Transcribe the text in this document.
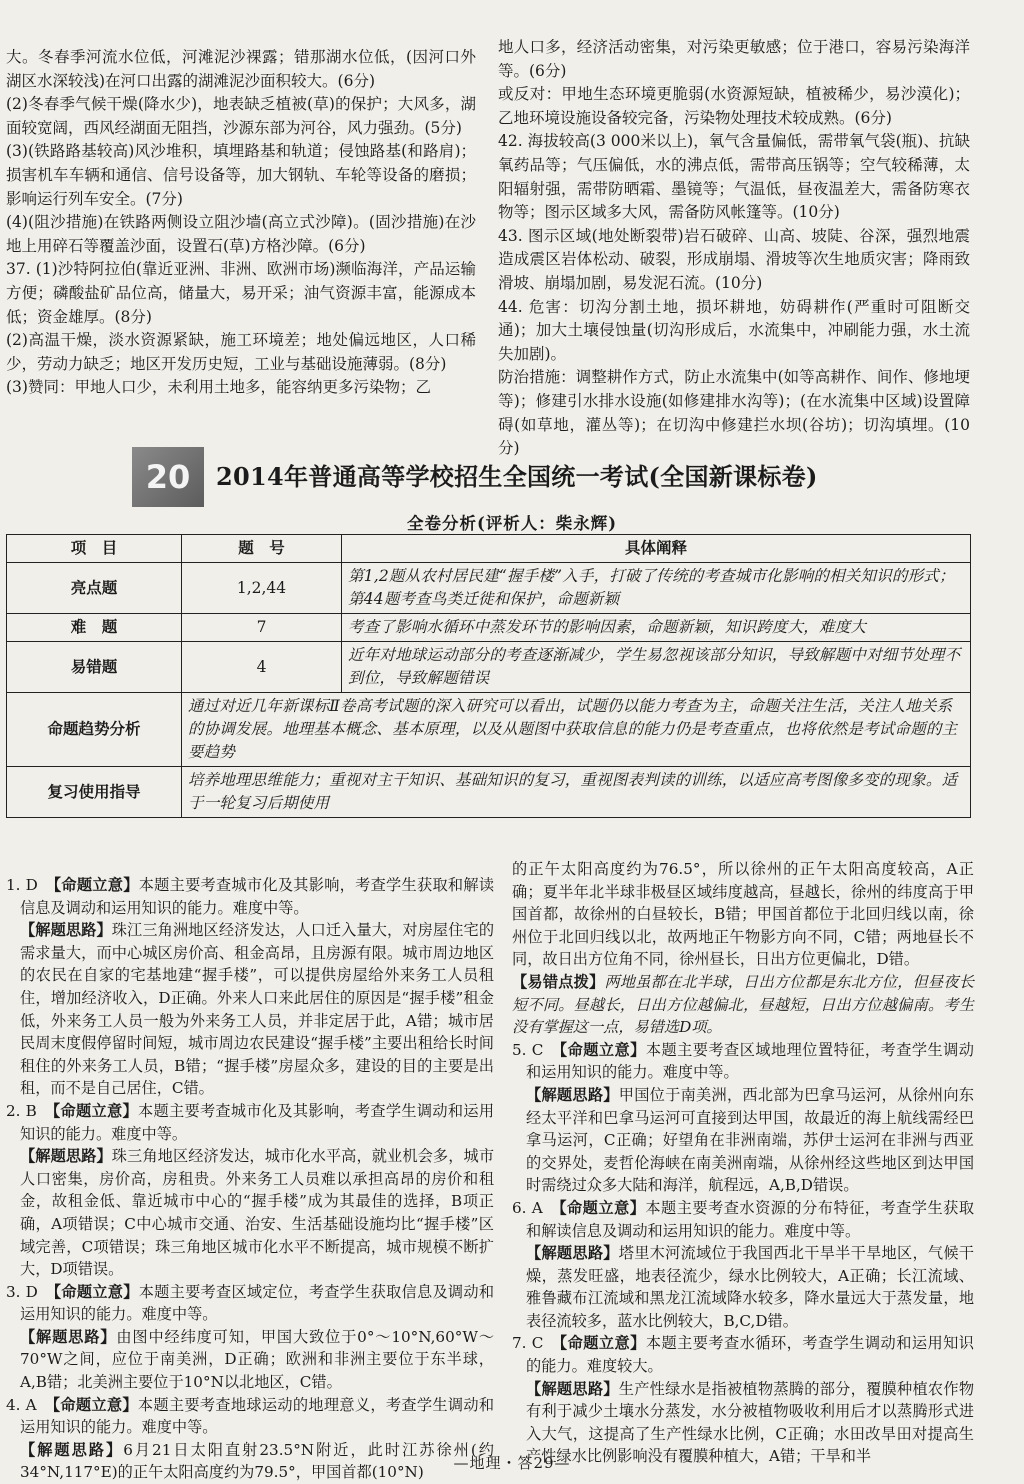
大。冬春季河流水位低，河滩泥沙裸露；错那湖水位低，(因河口外湖区水深较浅)在河口出露的湖滩泥沙面积较大。(6分)

(2)冬春季气候干燥(降水少)，地表缺乏植被(草)的保护；大风多，湖面较宽阔，西风经湖面无阻挡，沙源东部为河谷，风力强劲。(5分)

(3)(铁路路基较高)风沙堆积，填埋路基和轨道；侵蚀路基(和路肩)；损害机车车辆和通信、信号设备等，加大钢轨、车轮等设备的磨损；影响运行列车安全。(7分)

(4)(阻沙措施)在铁路两侧设立阻沙墙(高立式沙障)。(固沙措施)在沙地上用碎石等覆盖沙面，设置石(草)方格沙障。(6分)

37. (1)沙特阿拉伯(靠近亚洲、非洲、欧洲市场)濒临海洋，产品运输方便；磷酸盐矿品位高，储量大，易开采；油气资源丰富，能源成本低；资金雄厚。(8分)

(2)高温干燥，淡水资源紧缺，施工环境差；地处偏远地区，人口稀少，劳动力缺乏；地区开发历史短，工业与基础设施薄弱。(8分)

(3)赞同：甲地人口少，未利用土地多，能容纳更多污染物；乙

地人口多，经济活动密集，对污染更敏感；位于港口，容易污染海洋等。(6分)

或反对：甲地生态环境更脆弱(水资源短缺，植被稀少，易沙漠化)；乙地环境设施设备较完备，污染物处理技术较成熟。(6分)

42. 海拔较高(3 000米以上)，氧气含量偏低，需带氧气袋(瓶)、抗缺氧药品等；气压偏低，水的沸点低，需带高压锅等；空气较稀薄，太阳辐射强，需带防晒霜、墨镜等；气温低，昼夜温差大，需备防寒衣物等；图示区域多大风，需备防风帐篷等。(10分)

43. 图示区域(地处断裂带)岩石破碎、山高、坡陡、谷深，强烈地震造成震区岩体松动、破裂，形成崩塌、滑坡等次生地质灾害；降雨致滑坡、崩塌加剧，易发泥石流。(10分)

44. 危害：切沟分割土地，损坏耕地，妨碍耕作(严重时可阻断交通)；加大土壤侵蚀量(切沟形成后，水流集中，冲刷能力强，水土流失加剧)。

防治措施：调整耕作方式，防止水流集中(如等高耕作、间作、修地埂等)；修建引水排水设施(如修建排水沟等)；(在水流集中区域)设置障碍(如草地，灌丛等)；在切沟中修建拦水坝(谷坊)；切沟填埋。(10分)

20	2014年普通高等学校招生全国统一考试(全国新课标卷)
全卷分析(评析人：柴永辉)
项　目	题　号	具体阐释
亮点题	1,2,44	第1,2题从农村居民建“握手楼”入手，打破了传统的考查城市化影响的相关知识的形式；第44题考查鸟类迁徙和保护，命题新颖
难　题	7	考查了影响水循环中蒸发环节的影响因素，命题新颖，知识跨度大，难度大
易错题	4	近年对地球运动部分的考查逐渐减少，学生易忽视该部分知识，导致解题中对细节处理不到位，导致解题错误
命题趋势分析	通过对近几年新课标Ⅱ卷高考试题的深入研究可以看出，试题仍以能力考查为主，命题关注生活，关注人地关系的协调发展。地理基本概念、基本原理，以及从题图中获取信息的能力仍是考查重点，也将依然是考试命题的主要趋势	
复习使用指导	培养地理思维能力；重视对主干知识、基础知识的复习，重视图表判读的训练，以适应高考图像多变的现象。适于一轮复习后期使用	

1. D　【命题立意】本题主要考查城市化及其影响，考查学生获取和解读信息及调动和运用知识的能力。难度中等。

【解题思路】珠江三角洲地区经济发达，人口迁入量大，对房屋住宅的需求量大，而中心城区房价高、租金高昂，且房源有限。城市周边地区的农民在自家的宅基地建“握手楼”，可以提供房屋给外来务工人员租住，增加经济收入，D正确。外来人口来此居住的原因是“握手楼”租金低，外来务工人员一般为外来务工人员，并非定居于此，A错；城市居民周末度假停留时间短，城市周边农民建设“握手楼”主要出租给长时间租住的外来务工人员，B错；“握手楼”房屋众多，建设的目的主要是出租，而不是自己居住，C错。

2. B　【命题立意】本题主要考查城市化及其影响，考查学生调动和运用知识的能力。难度中等。

【解题思路】珠三角地区经济发达，城市化水平高，就业机会多，城市人口密集，房价高，房租贵。外来务工人员难以承担高昂的房价和租金，故租金低、靠近城市中心的“握手楼”成为其最佳的选择，B项正确，A项错误；C中心城市交通、治安、生活基础设施均比“握手楼”区域完善，C项错误；珠三角地区城市化水平不断提高，城市规模不断扩大，D项错误。

3. D　【命题立意】本题主要考查区域定位，考查学生获取信息及调动和运用知识的能力。难度中等。

【解题思路】由图中经纬度可知，甲国大致位于0°～10°N,60°W～70°W之间，应位于南美洲，D正确；欧洲和非洲主要位于东半球，A,B错；北美洲主要位于10°N以北地区，C错。

4. A　【命题立意】本题主要考查地球运动的地理意义，考查学生调动和运用知识的能力。难度中等。

【解题思路】6月21日太阳直射23.5°N附近，此时江苏徐州(约34°N,117°E)的正午太阳高度约为79.5°，甲国首都(10°N)

的正午太阳高度约为76.5°，所以徐州的正午太阳高度较高，A正确；夏半年北半球非极昼区域纬度越高，昼越长，徐州的纬度高于甲国首都，故徐州的白昼较长，B错；甲国首都位于北回归线以南，徐州位于北回归线以北，故两地正午物影方向不同，C错；两地昼长不同，故日出方位角不同，徐州昼长，日出方位更偏北，D错。

【易错点拨】两地虽都在北半球，日出方位都是东北方位，但昼夜长短不同。昼越长，日出方位越偏北，昼越短，日出方位越偏南。考生没有掌握这一点，易错选D项。

5. C　【命题立意】本题主要考查区域地理位置特征，考查学生调动和运用知识的能力。难度中等。

【解题思路】甲国位于南美洲，西北部为巴拿马运河，从徐州向东经太平洋和巴拿马运河可直接到达甲国，故最近的海上航线需经巴拿马运河，C正确；好望角在非洲南端，苏伊士运河在非洲与西亚的交界处，麦哲伦海峡在南美洲南端，从徐州经这些地区到达甲国时需绕过众多大陆和海洋，航程远，A,B,D错误。

6. A　【命题立意】本题主要考查水资源的分布特征，考查学生获取和解读信息及调动和运用知识的能力。难度中等。

【解题思路】塔里木河流域位于我国西北干旱半干旱地区，气候干燥，蒸发旺盛，地表径流少，绿水比例较大，A正确；长江流域、雅鲁藏布江流域和黑龙江流域降水较多，降水量远大于蒸发量，地表径流较多，蓝水比例较大，B,C,D错。

7. C　【命题立意】本题主要考查水循环，考查学生调动和运用知识的能力。难度较大。

【解题思路】生产性绿水是指被植物蒸腾的部分，覆膜种植农作物有利于减少土壤水分蒸发，水分被植物吸收利用后才以蒸腾形式进入大气，这提高了生产性绿水比例，C正确；水田改旱田对提高生产性绿水比例影响没有覆膜种植大，A错；干旱和半

—地理・答29—
